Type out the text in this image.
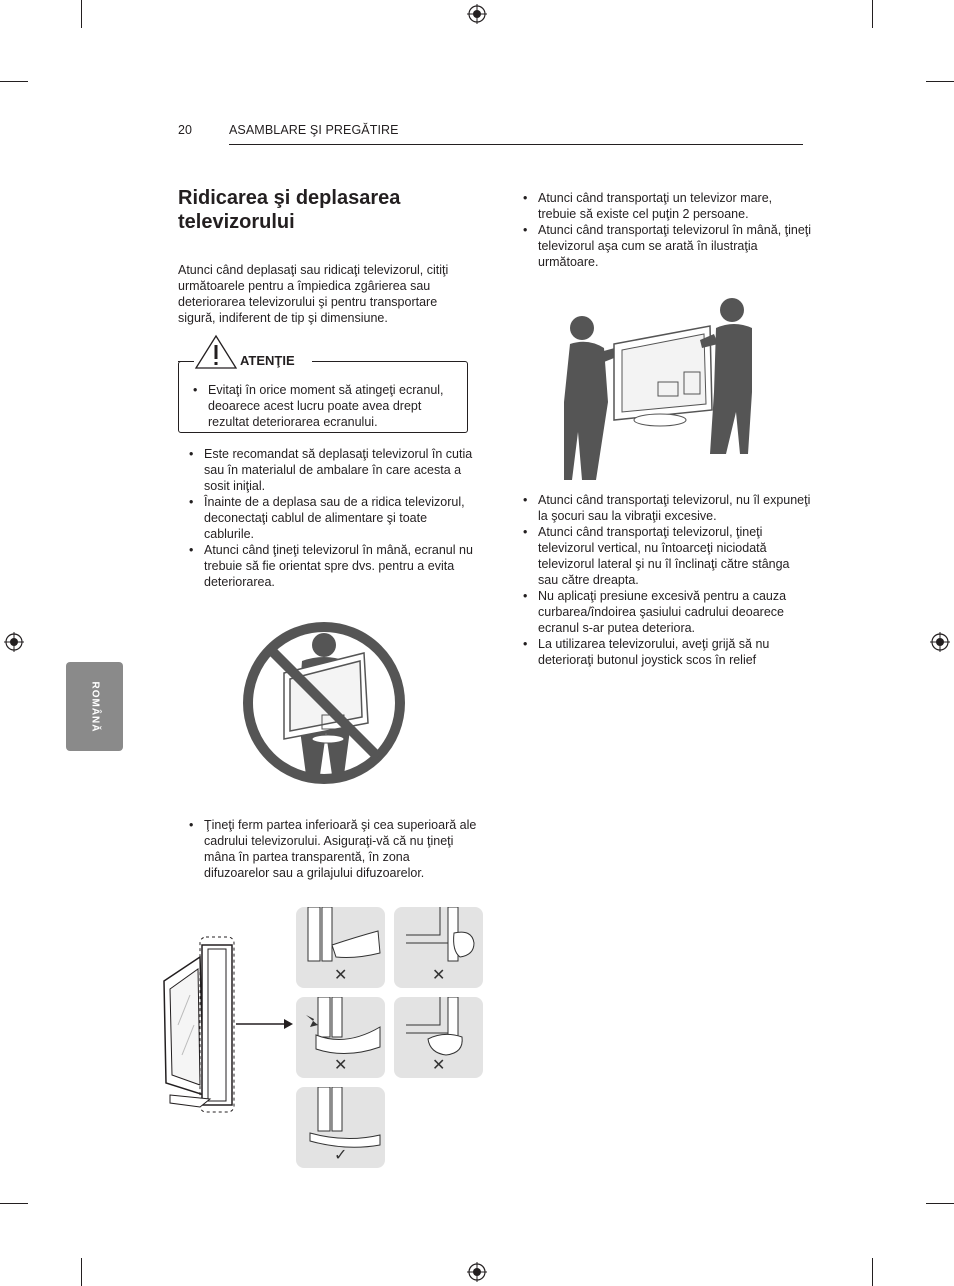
20	ASAMBLARE ŞI PREGĂTIRE
Ridicarea şi deplasarea televizorului
Atunci când deplasaţi sau ridicaţi televizorul, citiţi următoarele pentru a împiedica zgârierea sau deteriorarea televizorului şi pentru transportare sigură, indiferent de tip şi dimensiune.
ATENŢIE
• Evitaţi în orice moment să atingeţi ecranul, deoarece acest lucru poate avea drept rezultat deteriorarea ecranului.
• Este recomandat să deplasaţi televizorul în cutia sau în materialul de ambalare în care acesta a sosit iniţial.
• Înainte de a deplasa sau de a ridica televizorul, deconectaţi cablul de alimentare şi toate cablurile.
• Atunci când ţineţi televizorul în mână, ecranul nu trebuie să fie orientat spre dvs. pentru a evita deteriorarea.
• Ţineţi ferm partea inferioară şi cea superioară ale cadrului televizorului. Asiguraţi-vă că nu ţineţi mâna în partea transparentă, în zona difuzoarelor sau a grilajului difuzoarelor.
✕	✕
✕	✕
✓
• Atunci când transportaţi un televizor mare, trebuie să existe cel puţin 2 persoane.
• Atunci când transportaţi televizorul în mână, ţineţi televizorul aşa cum se arată în ilustraţia următoare.
• Atunci când transportaţi televizorul, nu îl expuneţi la şocuri sau la vibraţii excesive.
• Atunci când transportaţi televizorul, ţineţi televizorul vertical, nu întoarceţi niciodată televizorul lateral şi nu îl înclinaţi către stânga sau către dreapta.
• Nu aplicaţi presiune excesivă pentru a cauza curbarea/îndoirea şasiului cadrului deoarece ecranul s-ar putea deteriora.
• La utilizarea televizorului, aveţi grijă să nu deterioraţi butonul joystick scos în relief
ROMÂNĂ
